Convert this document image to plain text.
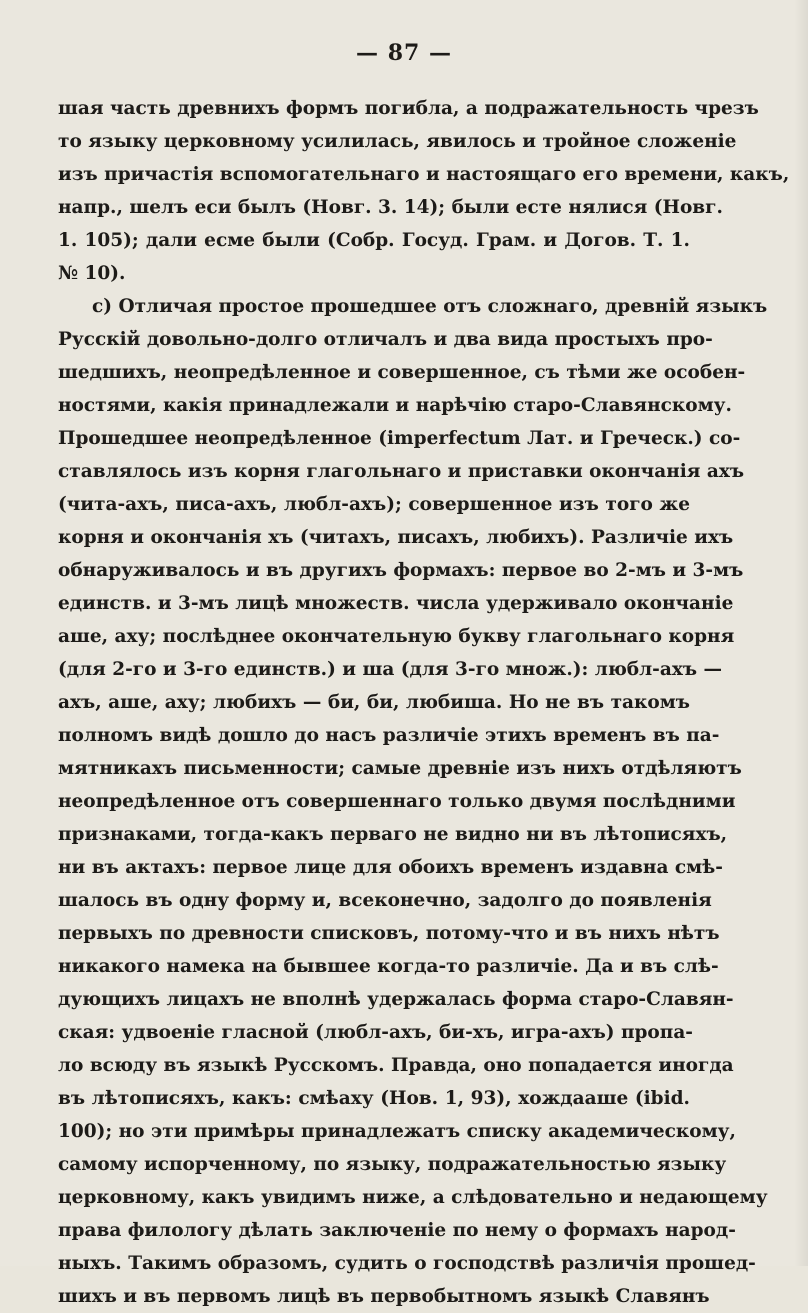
— 87 —
шая часть древнихъ формъ погибла, а подражательность чрезъ
то языку церковному усилилась, явилось и тройное сложенiе
изъ причастiя вспомогательнаго и настоящаго его времени, какъ,
напр., шелъ еси былъ (Новг. 3. 14); были есте нялися (Новг.
1. 105); дали есме были (Собр. Госуд. Грам. и Догов. Т. 1.
№ 10).
c) Отличая простое прошедшее отъ сложнаго, древнiй языкъ
Русскiй довольно-долго отличалъ и два вида простыхъ про-
шедшихъ, неопредѣленное и совершенное, съ тѣми же особен-
ностями, какiя принадлежали и нарѣчiю старо-Славянскому.
Прошедшее неопредѣленное (imperfectum Лат. и Греческ.) со-
ставлялось изъ корня глагольнаго и приставки окончанiя ахъ
(чита-ахъ, писа-ахъ, любл-ахъ); совершенное изъ того же
корня и окончанiя хъ (читахъ, писахъ, любихъ). Различiе ихъ
обнаруживалось и въ другихъ формахъ: первое во 2-мъ и 3-мъ
единств. и 3-мъ лицѣ множеств. числа удерживало окончанiе
аше, аху; послѣднее окончательную букву глагольнаго корня
(для 2-го и 3-го единств.) и ша (для 3-го множ.): любл-ахъ —
ахъ, аше, аху; любихъ — би, би, любиша. Но не въ такомъ
полномъ видѣ дошло до насъ различiе этихъ временъ въ па-
мятникахъ письменности; самые древнiе изъ нихъ отдѣляютъ
неопредѣленное отъ совершеннаго только двумя послѣдними
признаками, тогда-какъ перваго не видно ни въ лѣтописяхъ,
ни въ актахъ: первое лице для обоихъ временъ издавна смѣ-
шалось въ одну форму и, всеконечно, задолго до появленiя
первыхъ по древности списковъ, потому-что и въ нихъ нѣтъ
никакого намека на бывшее когда-то различiе. Да и въ слѣ-
дующихъ лицахъ не вполнѣ удержалась форма старо-Славян-
ская: удвоенiе гласной (любл-ахъ, би-хъ, игра-ахъ) пропа-
ло всюду въ языкѣ Русскомъ. Правда, оно попадается иногда
въ лѣтописяхъ, какъ: смѣаху (Нов. 1, 93), хождааше (ibid.
100); но эти примѣры принадлежатъ списку академическому,
самому испорченному, по языку, подражательностью языку
церковному, какъ увидимъ ниже, а слѣдовательно и недающему
права филологу дѣлать заключенiе по нему о формахъ народ-
ныхъ. Такимъ образомъ, судить о господствѣ различiя прошед-
шихъ и въ первомъ лицѣ въ первобытномъ языкѣ Славянъ
